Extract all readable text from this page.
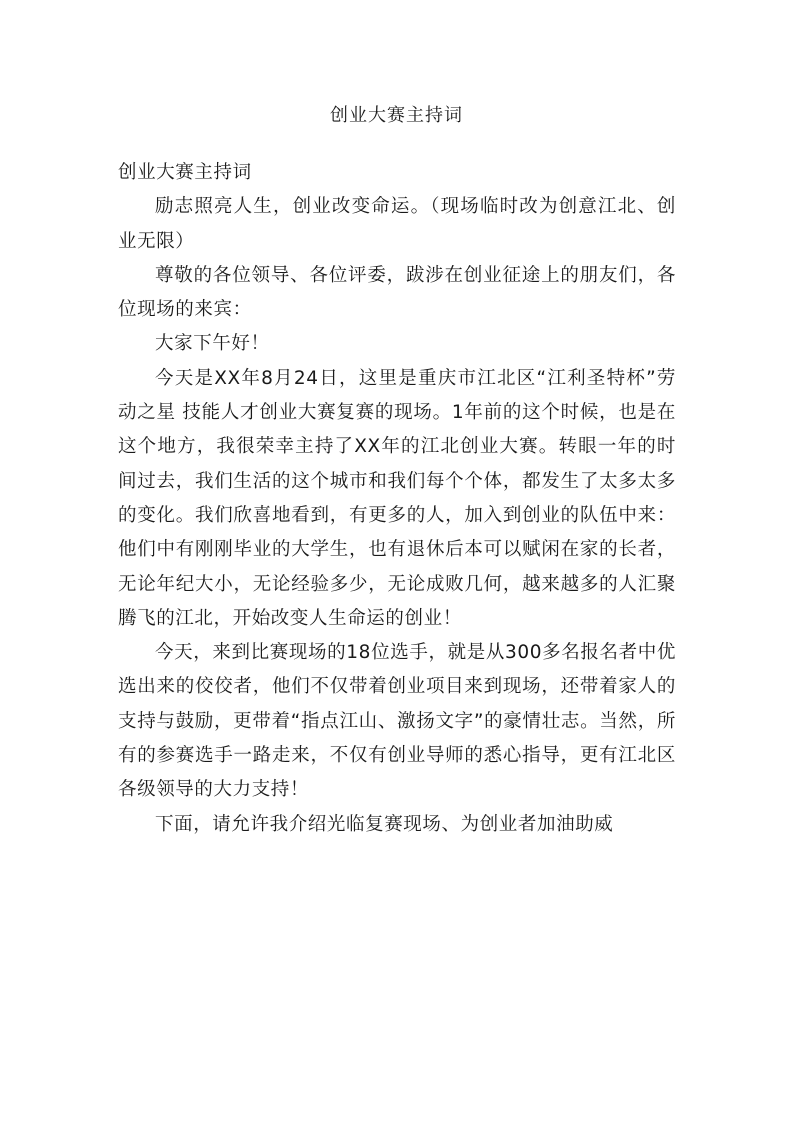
创业大赛主持词

创业大赛主持词

励志照亮人生，创业改变命运。（现场临时改为创意江北、创业无限）

尊敬的各位领导、各位评委，跋涉在创业征途上的朋友们，各位现场的来宾：

大家下午好！

今天是XX年8月24日，这里是重庆市江北区“江利圣特杯”劳动之星 技能人才创业大赛复赛的现场。1年前的这个时候，也是在这个地方，我很荣幸主持了XX年的江北创业大赛。转眼一年的时间过去，我们生活的这个城市和我们每个个体，都发生了太多太多的变化。我们欣喜地看到，有更多的人，加入到创业的队伍中来：他们中有刚刚毕业的大学生，也有退休后本可以赋闲在家的长者，无论年纪大小，无论经验多少，无论成败几何，越来越多的人汇聚腾飞的江北，开始改变人生命运的创业！

今天，来到比赛现场的18位选手，就是从300多名报名者中优选出来的佼佼者，他们不仅带着创业项目来到现场，还带着家人的支持与鼓励，更带着“指点江山、激扬文字”的豪情壮志。当然，所有的参赛选手一路走来，不仅有创业导师的悉心指导，更有江北区各级领导的大力支持！

下面，请允许我介绍光临复赛现场、为创业者加油助威
